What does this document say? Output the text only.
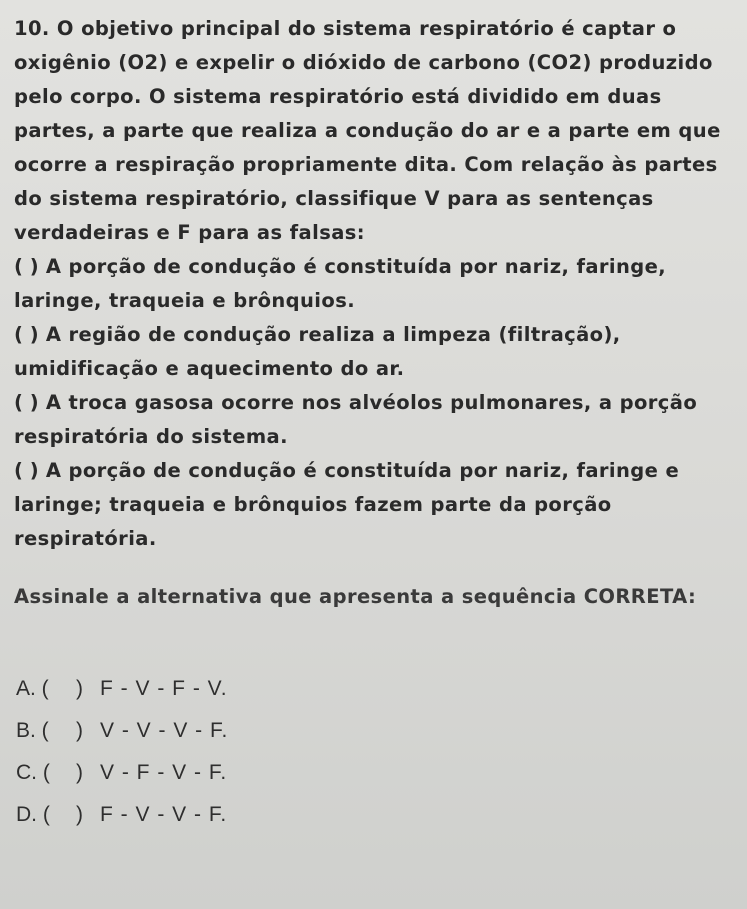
10. O objetivo principal do sistema respiratório é captar o oxigênio (O2) e expelir o dióxido de carbono (CO2) produzido pelo corpo. O sistema respiratório está dividido em duas partes, a parte que realiza a condução do ar e a parte em que ocorre a respiração propriamente dita. Com relação às partes do sistema respiratório, classifique V para as sentenças verdadeiras e F para as falsas:

( ) A porção de condução é constituída por nariz, faringe, laringe, traqueia e brônquios.

( ) A região de condução realiza a limpeza (filtração), umidificação e aquecimento do ar.

( ) A troca gasosa ocorre nos alvéolos pulmonares, a porção respiratória do sistema.

( ) A porção de condução é constituída por nariz, faringe e laringe; traqueia e brônquios fazem parte da porção respiratória.

Assinale a alternativa que apresenta a sequência CORRETA:
A. ( ) F - V - F - V.
B. ( ) V - V - V - F.
C. ( ) V - F - V - F.
D. ( ) F - V - V - F.
